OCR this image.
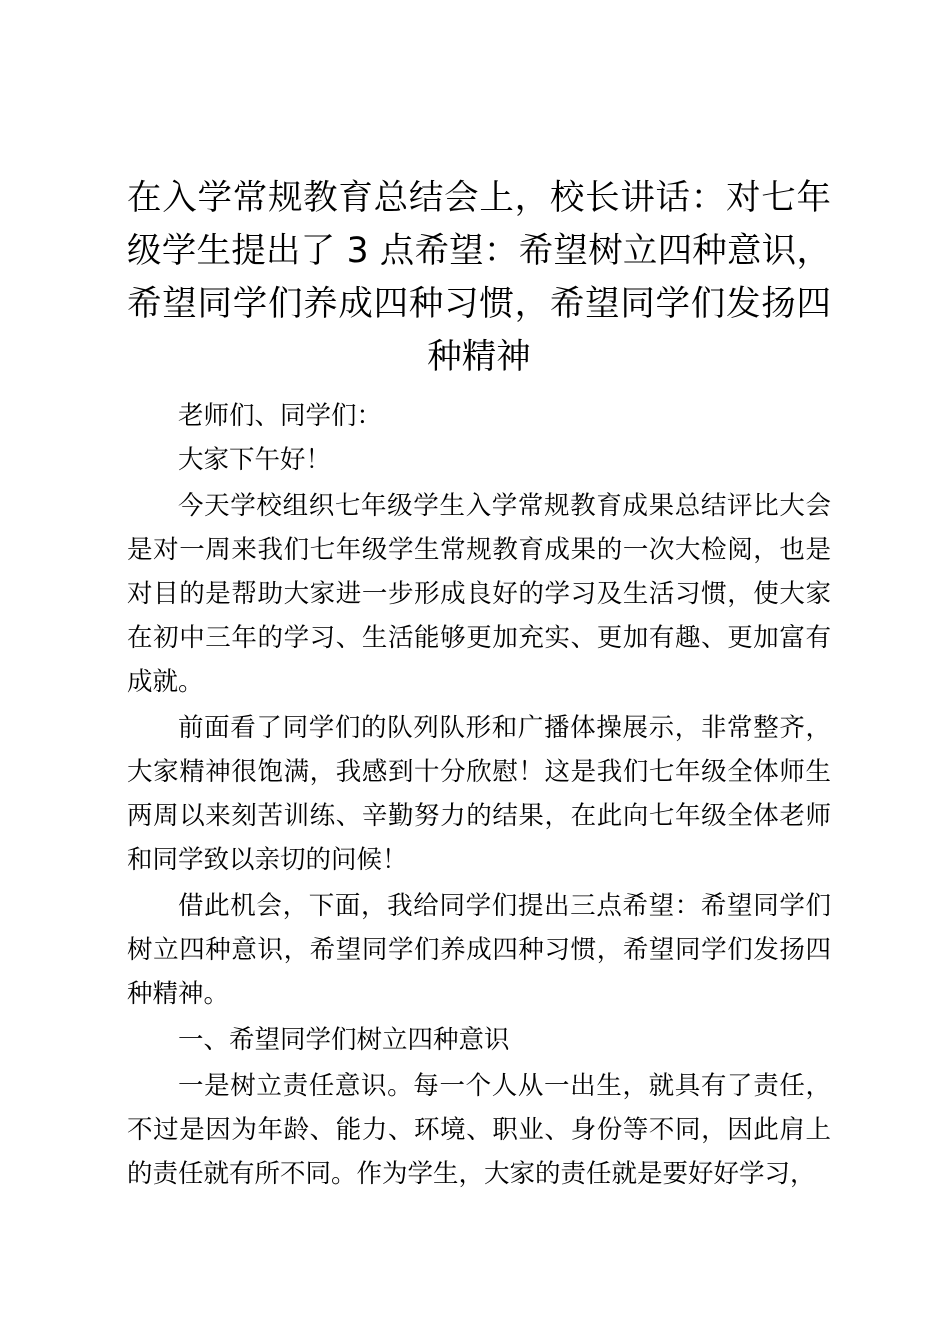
在入学常规教育总结会上，校长讲话：对七年级学生提出了 3 点希望：希望树立四种意识，希望同学们养成四种习惯，希望同学们发扬四种精神

老师们、同学们：

大家下午好！

今天学校组织七年级学生入学常规教育成果总结评比大会是对一周来我们七年级学生常规教育成果的一次大检阅，也是对目的是帮助大家进一步形成良好的学习及生活习惯，使大家在初中三年的学习、生活能够更加充实、更加有趣、更加富有成就。

前面看了同学们的队列队形和广播体操展示，非常整齐，大家精神很饱满，我感到十分欣慰！这是我们七年级全体师生两周以来刻苦训练、辛勤努力的结果，在此向七年级全体老师和同学致以亲切的问候！

借此机会，下面，我给同学们提出三点希望：希望同学们树立四种意识，希望同学们养成四种习惯，希望同学们发扬四种精神。

一、希望同学们树立四种意识

一是树立责任意识。每一个人从一出生，就具有了责任，不过是因为年龄、能力、环境、职业、身份等不同，因此肩上的责任就有所不同。作为学生，大家的责任就是要好好学习，
